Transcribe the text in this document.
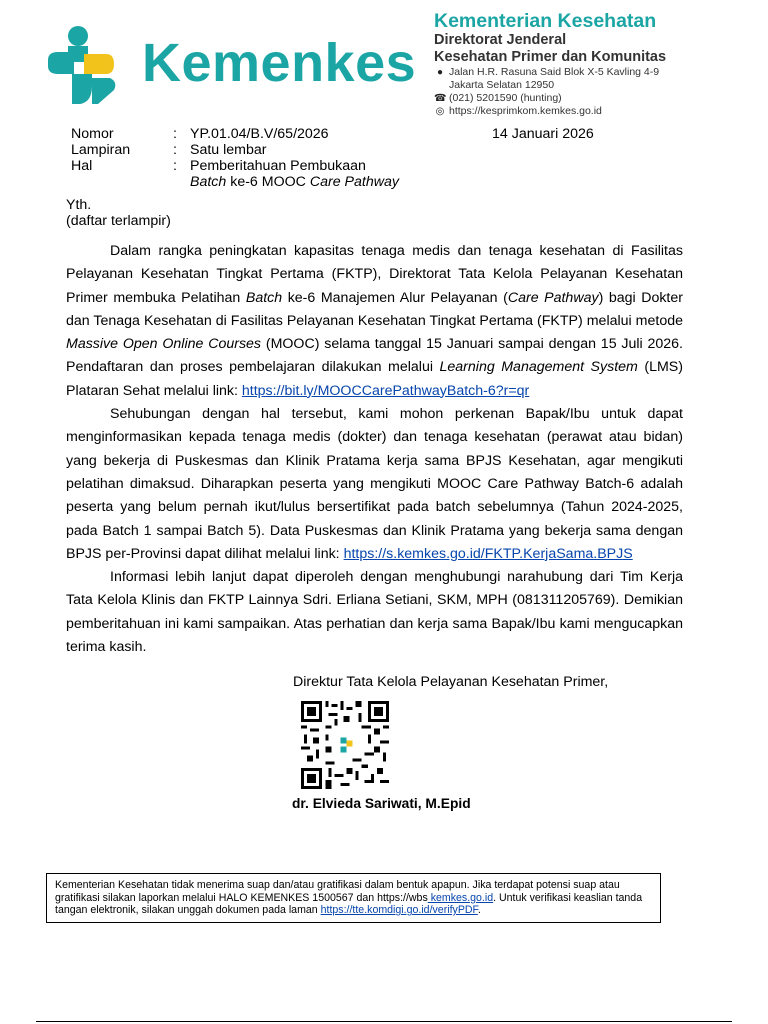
Kemenkes
Kementerian Kesehatan
Direktorat Jenderal
Kesehatan Primer dan Komunitas
● Jalan H.R. Rasuna Said Blok X-5 Kavling 4-9
Jakarta Selatan 12950
☎ (021) 5201590 (hunting)
◎ https://kesprimkom.kemkes.go.id
Nomor	: YP.01.04/B.V/65/2026
Lampiran	: Satu lembar
Hal	: Pemberitahuan Pembukaan
Batch ke-6 MOOC Care Pathway
14 Januari 2026
Yth.
(daftar terlampir)

Dalam rangka peningkatan kapasitas tenaga medis dan tenaga kesehatan di Fasilitas Pelayanan Kesehatan Tingkat Pertama (FKTP), Direktorat Tata Kelola Pelayanan Kesehatan Primer membuka Pelatihan Batch ke-6 Manajemen Alur Pelayanan (Care Pathway) bagi Dokter dan Tenaga Kesehatan di Fasilitas Pelayanan Kesehatan Tingkat Pertama (FKTP) melalui metode Massive Open Online Courses (MOOC) selama tanggal 15 Januari sampai dengan 15 Juli 2026. Pendaftaran dan proses pembelajaran dilakukan melalui Learning Management System (LMS) Plataran Sehat melalui link: https://bit.ly/MOOCCarePathwayBatch-6?r=qr

Sehubungan dengan hal tersebut, kami mohon perkenan Bapak/Ibu untuk dapat menginformasikan kepada tenaga medis (dokter) dan tenaga kesehatan (perawat atau bidan) yang bekerja di Puskesmas dan Klinik Pratama kerja sama BPJS Kesehatan, agar mengikuti pelatihan dimaksud. Diharapkan peserta yang mengikuti MOOC Care Pathway Batch-6 adalah peserta yang belum pernah ikut/lulus bersertifikat pada batch sebelumnya (Tahun 2024-2025, pada Batch 1 sampai Batch 5). Data Puskesmas dan Klinik Pratama yang bekerja sama dengan BPJS per-Provinsi dapat dilihat melalui link: https://s.kemkes.go.id/FKTP.KerjaSama.BPJS

Informasi lebih lanjut dapat diperoleh dengan menghubungi narahubung dari Tim Kerja Tata Kelola Klinis dan FKTP Lainnya Sdri. Erliana Setiani, SKM, MPH (081311205769). Demikian pemberitahuan ini kami sampaikan. Atas perhatian dan kerja sama Bapak/Ibu kami mengucapkan terima kasih.

Direktur Tata Kelola Pelayanan Kesehatan Primer,
dr. Elvieda Sariwati, M.Epid
Kementerian Kesehatan tidak menerima suap dan/atau gratifikasi dalam bentuk apapun. Jika terdapat potensi suap atau gratifikasi silakan laporkan melalui HALO KEMENKES 1500567 dan https://wbs kemkes.go.id. Untuk verifikasi keaslian tanda tangan elektronik, silakan unggah dokumen pada laman https://tte.komdigi.go.id/verifyPDF.
